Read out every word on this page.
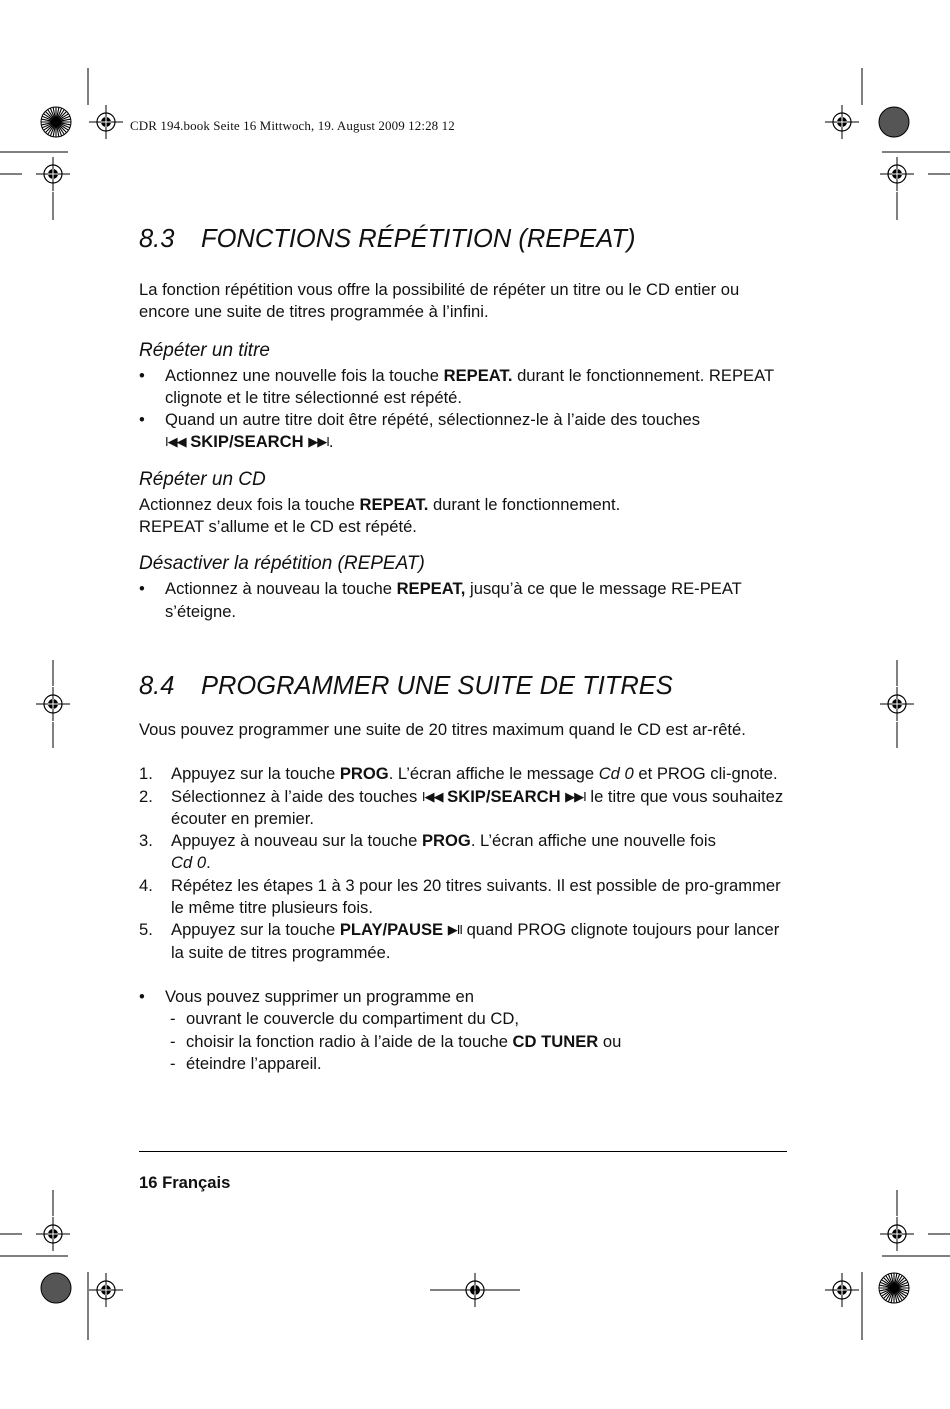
CDR 194.book Seite 16 Mittwoch, 19. August 2009 12:28 12
8.3 FONCTIONS RÉPÉTITION (REPEAT)

La fonction répétition vous offre la possibilité de répéter un titre ou le CD entier ou encore une suite de titres programmée à l’infini.

Répéter un titre

• Actionnez une nouvelle fois la touche REPEAT. durant le fonctionnement. REPEAT clignote et le titre sélectionné est répété.
• Quand un autre titre doit être répété, sélectionnez-le à l’aide des touches
I◀◀ SKIP/SEARCH ▶▶I.

Répéter un CD

Actionnez deux fois la touche REPEAT. durant le fonctionnement.

REPEAT s’allume et le CD est répété.

Désactiver la répétition (REPEAT)

• Actionnez à nouveau la touche REPEAT, jusqu’à ce que le message RE-PEAT s’éteigne.
8.4 PROGRAMMER UNE SUITE DE TITRES

Vous pouvez programmer une suite de 20 titres maximum quand le CD est ar-rêté.

1. Appuyez sur la touche PROG. L’écran affiche le message Cd 0 et PROG cli-gnote.
2. Sélectionnez à l’aide des touches I◀◀ SKIP/SEARCH ▶▶I le titre que vous souhaitez écouter en premier.
3. Appuyez à nouveau sur la touche PROG. L’écran affiche une nouvelle fois
Cd 0.
4. Répétez les étapes 1 à 3 pour les 20 titres suivants. Il est possible de pro-grammer le même titre plusieurs fois.
5. Appuyez sur la touche PLAY/PAUSE ▶II quand PROG clignote toujours pour lancer la suite de titres programmée.
• Vous pouvez supprimer un programme en
- ouvrant le couvercle du compartiment du CD,
- choisir la fonction radio à l’aide de la touche CD TUNER ou
- éteindre l’appareil.
16 Français
